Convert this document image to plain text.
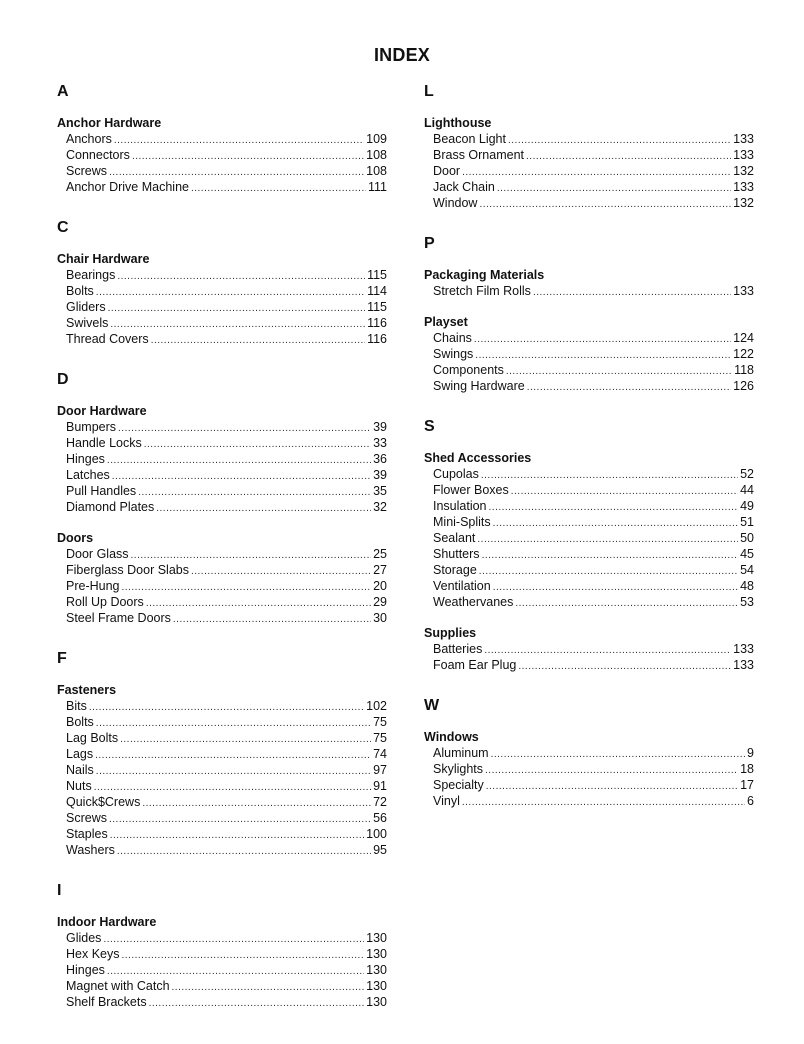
INDEX
A
Anchor Hardware
Anchors .....	109
Connectors .....	108
Screws .....	108
Anchor Drive Machine .....	111
C
Chair Hardware
Bearings .....	115
Bolts .....	114
Gliders .....	115
Swivels .....	116
Thread Covers .....	116
D
Door Hardware
Bumpers .....	39
Handle Locks .....	33
Hinges .....	36
Latches .....	39
Pull Handles .....	35
Diamond Plates .....	32
Doors
Door Glass .....	25
Fiberglass Door Slabs .....	27
Pre-Hung .....	20
Roll Up Doors .....	29
Steel Frame Doors .....	30
F
Fasteners
Bits .....	102
Bolts .....	75
Lag Bolts .....	75
Lags .....	74
Nails .....	97
Nuts .....	91
Quick$Crews .....	72
Screws .....	56
Staples .....	100
Washers .....	95
I
Indoor Hardware
Glides .....	130
Hex Keys .....	130
Hinges .....	130
Magnet with Catch .....	130
Shelf Brackets .....	130
L
Lighthouse
Beacon Light .....	133
Brass Ornament .....	133
Door .....	132
Jack Chain .....	133
Window .....	132
P
Packaging Materials
Stretch Film Rolls .....	133
Playset
Chains .....	124
Swings .....	122
Components .....	118
Swing Hardware .....	126
S
Shed Accessories
Cupolas .....	52
Flower Boxes .....	44
Insulation .....	49
Mini-Splits .....	51
Sealant .....	50
Shutters .....	45
Storage .....	54
Ventilation .....	48
Weathervanes .....	53
Supplies
Batteries .....	133
Foam Ear Plug .....	133
W
Windows
Aluminum .....	9
Skylights .....	18
Specialty .....	17
Vinyl .....	6
